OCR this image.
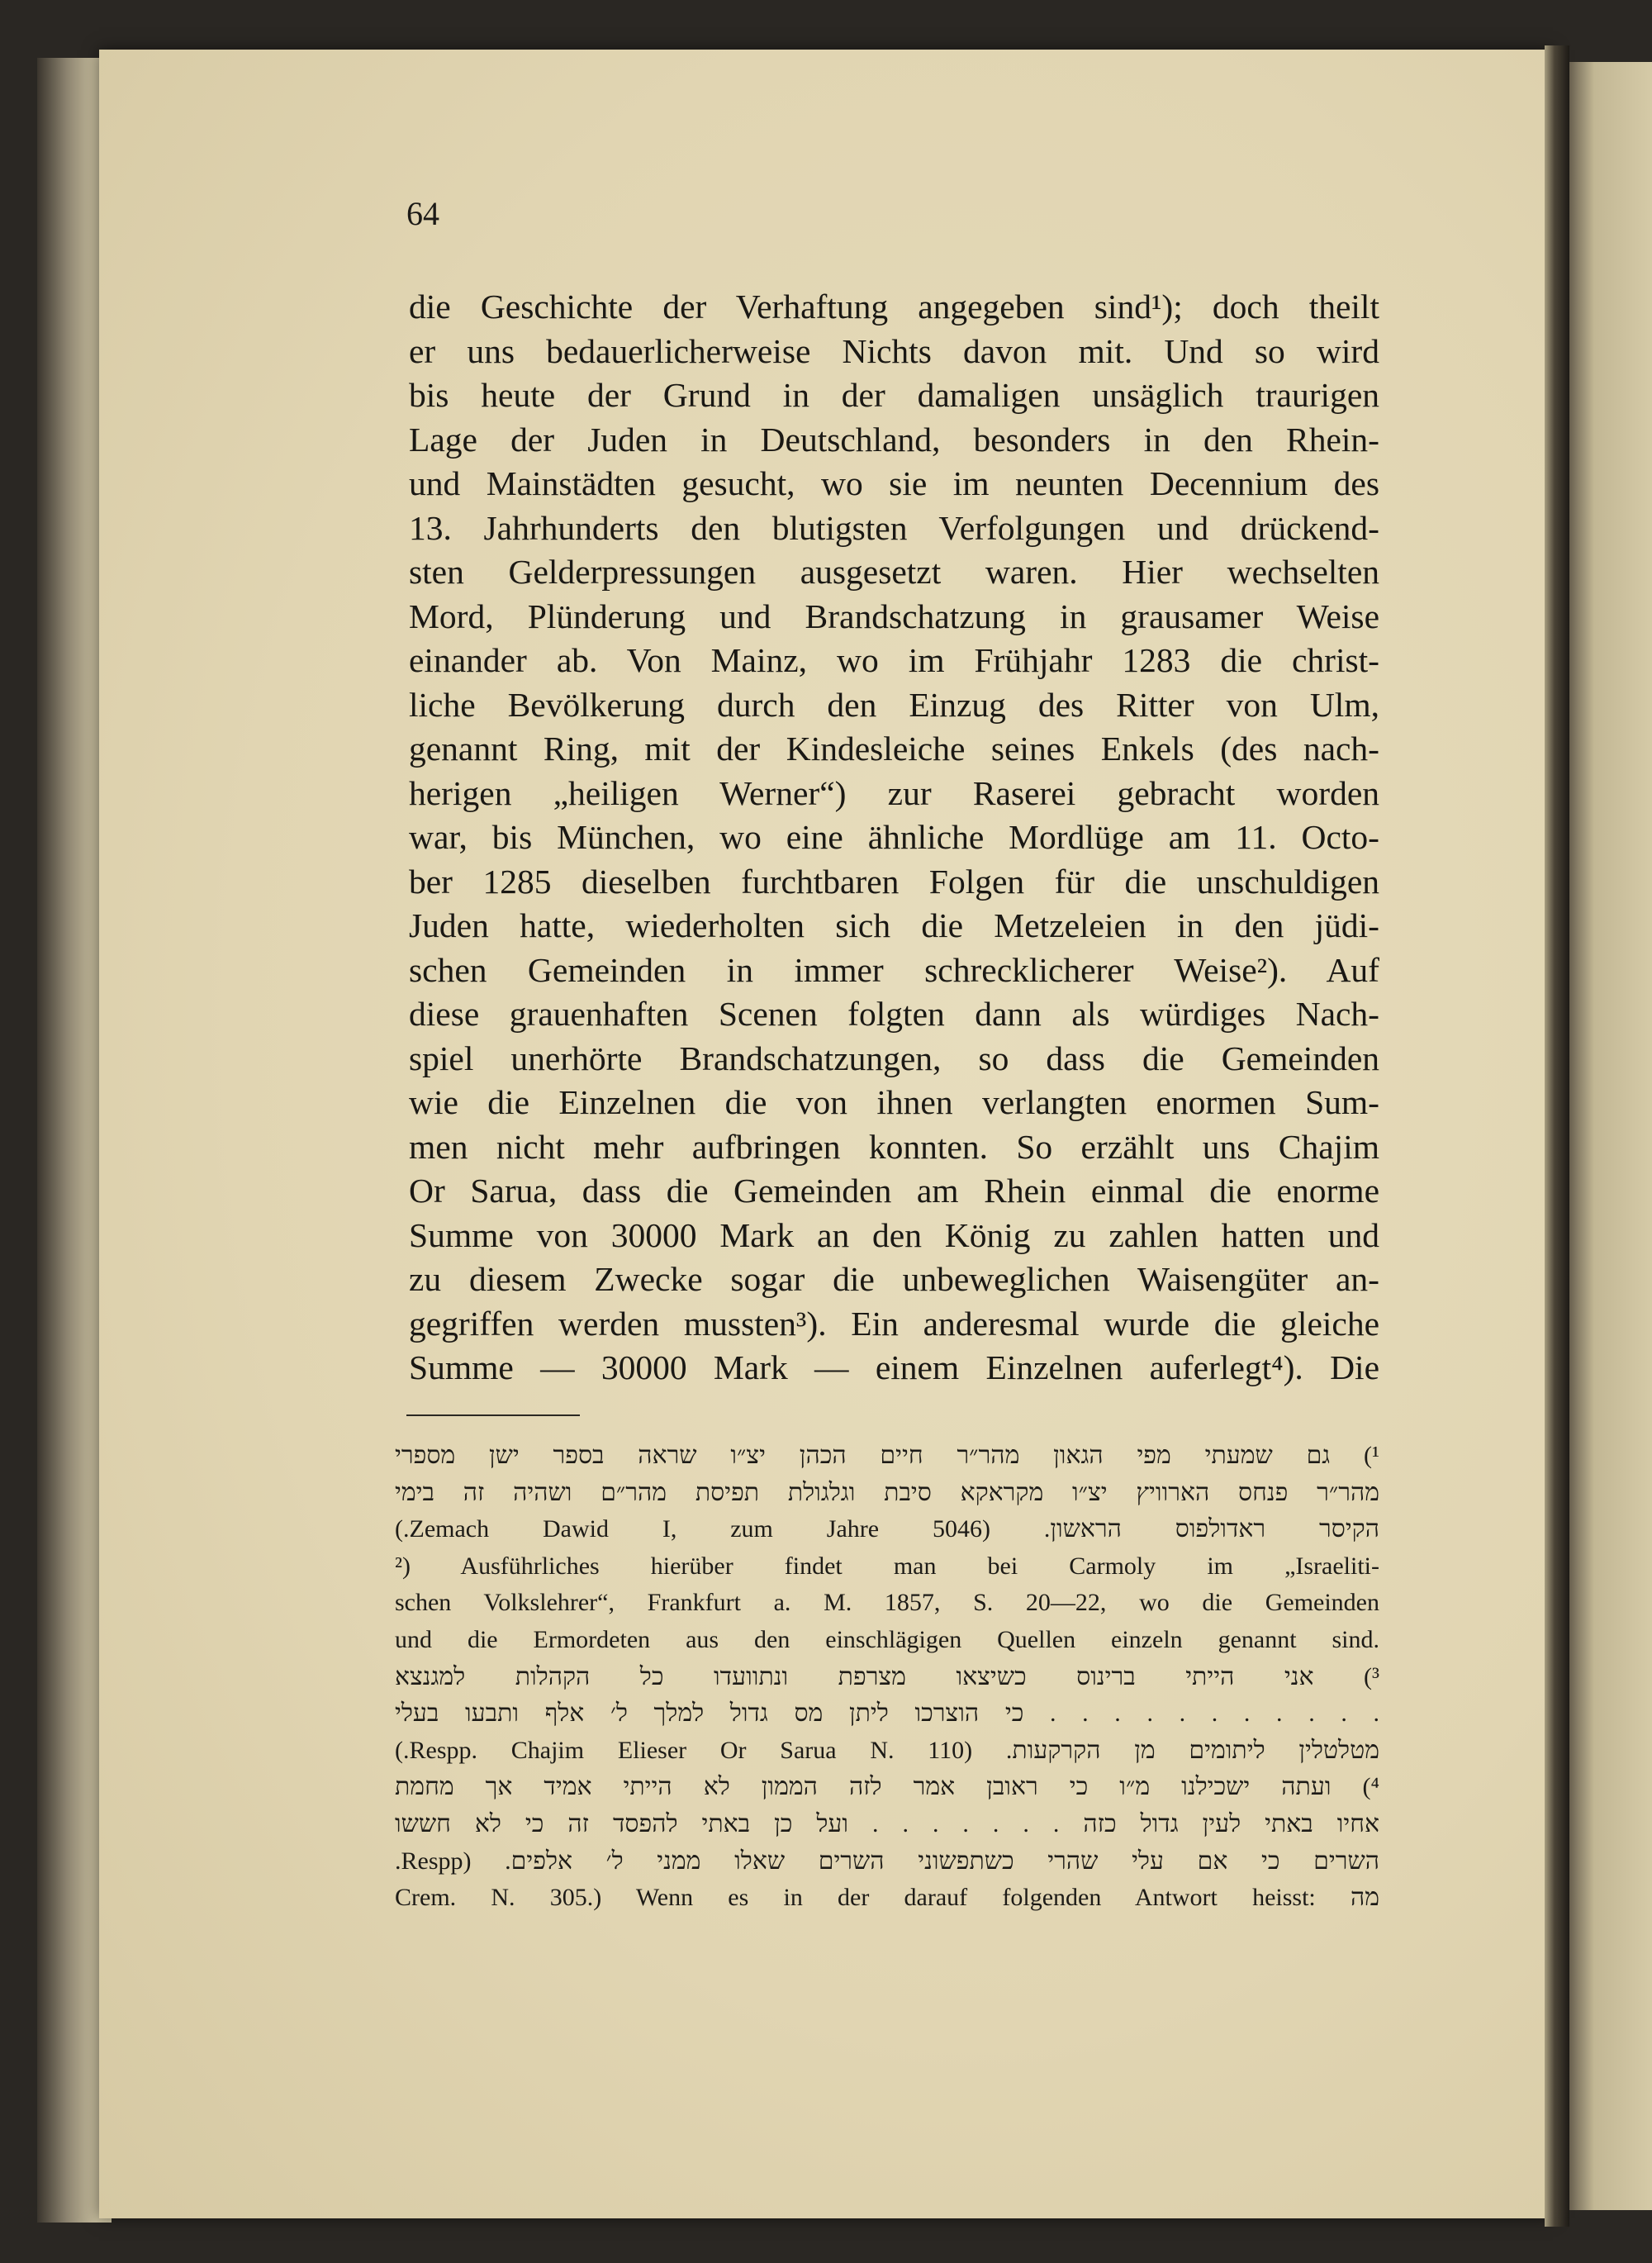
64
die Geschichte der Verhaftung angegeben sind¹); doch theilt
er uns bedauerlicherweise Nichts davon mit. Und so wird
bis heute der Grund in der damaligen unsäglich traurigen
Lage der Juden in Deutschland, besonders in den Rhein-
und Mainstädten gesucht, wo sie im neunten Decennium des
13. Jahrhunderts den blutigsten Verfolgungen und drückend-
sten Gelderpressungen ausgesetzt waren. Hier wechselten
Mord, Plünderung und Brandschatzung in grausamer Weise
einander ab. Von Mainz, wo im Frühjahr 1283 die christ-
liche Bevölkerung durch den Einzug des Ritter von Ulm,
genannt Ring, mit der Kindesleiche seines Enkels (des nach-
herigen „heiligen Werner“) zur Raserei gebracht worden
war, bis München, wo eine ähnliche Mordlüge am 11. Octo-
ber 1285 dieselben furchtbaren Folgen für die unschuldigen
Juden hatte, wiederholten sich die Metzeleien in den jüdi-
schen Gemeinden in immer schrecklicherer Weise²). Auf
diese grauenhaften Scenen folgten dann als würdiges Nach-
spiel unerhörte Brandschatzungen, so dass die Gemeinden
wie die Einzelnen die von ihnen verlangten enormen Sum-
men nicht mehr aufbringen konnten. So erzählt uns Chajim
Or Sarua, dass die Gemeinden am Rhein einmal die enorme
Summe von 30000 Mark an den König zu zahlen hatten und
zu diesem Zwecke sogar die unbeweglichen Waisengüter an-
gegriffen werden mussten³). Ein anderesmal wurde die gleiche
Summe — 30000 Mark — einem Einzelnen auferlegt⁴). Die
¹) גם שמעתי מפי הגאון מהר״ר חיים הכהן יצ״ו שראה בספר ישן מספרי
מהר״ר פנחס הארוויץ יצ״ו מקראקא סיבת וגלגולת תפיסת מהר״ם ושהיה זה בימי
הקיסר ראדולפוס הראשון. (Zemach Dawid I, zum Jahre 5046.)
²) Ausführliches hierüber findet man bei Carmoly im „Israeliti-
schen Volkslehrer“, Frankfurt a. M. 1857, S. 20—22, wo die Gemeinden
und die Ermordeten aus den einschlägigen Quellen einzeln genannt sind.
³) אני הייתי ברינוס כשיצאו מצרפת ונתוועדו כל הקהלות למגנצא
. . . . . . . . . . . כי הוצרכו ליתן מס גדול למלך ל׳ אלף ותבעו בעלי
מטלטלין ליתומים מן הקרקעות. (Respp. Chajim Elieser Or Sarua N. 110.)
⁴) ועתה ישכילנו מ״ו כי ראובן אמר לזה הממון לא הייתי אמיד אך מחמת
אחיו באתי לעין גדול כזה . . . . . . . ועל כן באתי להפסד זה כי לא חששו
השרים כי אם עלי שהרי כשתפשוני השרים שאלו ממני ל׳ אלפים. (Respp.
Crem. N. 305.) Wenn es in der darauf folgenden Antwort heisst: מה
